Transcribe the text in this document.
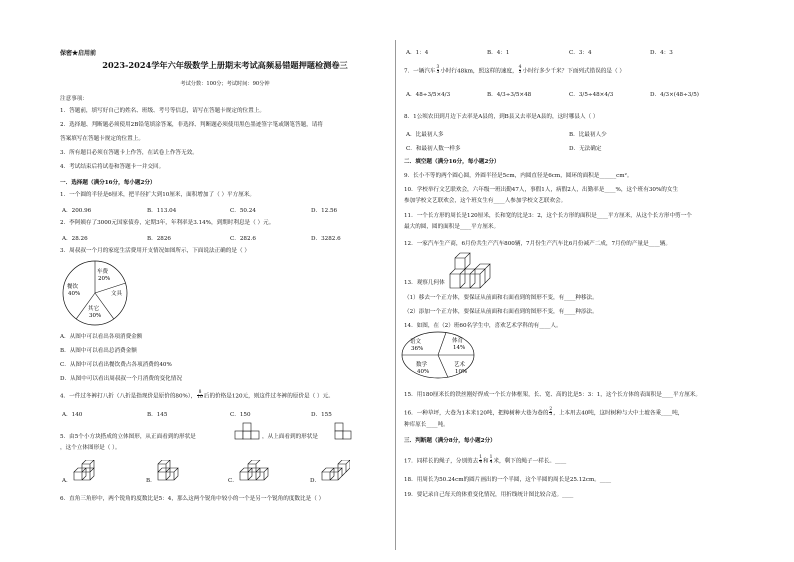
保密★启用前
2023-2024学年六年级数学上册期末考试高频易错题押题检测卷三
考试分数：100分；考试时间：90分钟
注意事项：
1．答题前，填写好自己的姓名、班级、考号等信息，请写在答题卡规定的位置上。
2．选择题、判断题必须使用2B铅笔填涂答案，非选择、判断题必须使用黑色墨迹签字笔或钢笔答题，请将
答案填写在答题卡规定的位置上。
3．所有题目必须在答题卡上作答，在试卷上作答无效。
4．考试结束后将试卷和答题卡一并交回。
一．选择题（满分16分，每小题2分）
1．一个圆的半径是6厘米，把半径扩大到10厘米，面积增加了（ ）平方厘米。
A．200.96	B．113.04	C．50.24	D．12.56
2．李阿姨存了3000元国家债券，定期3年，年利率是3.14%，到期时利息是（ ）元。
A．28.26	B．2826	C．282.6	D．3282.6
3．周叔叔一个月的家庭生活费用开支情况如图所示，下面说法正确的是（ ）
车费
20%
文具
餐饮
40%
其它
30%
A．从图中可以看出各项消费金额
B．从图中可以看出总消费金额
C．从图中可以看出餐饮费占各项消费的40%
D．从图中可以看出周叔叔一个月消费的变化情况
4．一件过冬裤打八折（八折是指现价是原价的80%）， $\frac{8}{10}$ 后的价格是120元，则这件过冬裤的原价是（ ）元。
A．140	B．145	C．150	D．155
5．由5个小方块搭成的立体图形，从正面看到的形状是	，从上面看到的形状是
，这个立体图形是（ ）。
A．	B．	C．	D．
6．直角三角形中，两个锐角的度数比是5：4，那么这两个锐角中较小的一个是另一个锐角的度数比是（ ）
A．1：4	B．4：1	C．3：4	D．4：3
7．一辆汽车 $\frac{3}{5}$ 小时行48km，照这样的速度， $\frac{4}{3}$ 小时行多少千米？下面列式错误的是（ ）
A．48÷3/5×4/3	B．4/3÷3/5×48	C．3/5÷48×4/3	D．4/3×(48÷3/5)
8．1公顷农田到月边下去率是A县的，到B县又去率是A县的，这时哪县人（ ）
A．比最初人多	B．比最初人少
C．和最初人数一样多	D．无法确定
二．填空题（满分16分，每小题2分）
9．长小不等的两个圆心圆，外圆半径是5cm，内圆直径是6cm，圆环的面积是______cm²。
10．学校举行文艺联欢会，六年级一班出勤47人，事假1人，病假2人，出勤率是____%，这个班有30%的女生
参加学校文艺联欢会，这个班女生有____人参加学校文艺联欢会。
11．一个长方形的周长是120厘米，长和宽的比是3：2，这个长方形的面积是____平方厘米，从这个长方形中剪一个
最大的圆，圆的面积是____平方厘米。
12．一家汽车生产商，6月份共生产汽车800辆，7月份生产汽车比6月份减产二成，7月份的产量是____辆。
13．观察几何体
（1）移去一个正方体，要保证从前面和右面看到的图形不变，有____种移法。
（2）添加一个正方体，要保证从前面和右面看到的图形不变，有____种添法。
14．如图，在（2）班60名学生中，喜欢艺术学科的有____人。
语文
36%
体育
14%
数学
40%
艺术
10%
15．用180厘米长的铁丝刚好焊成一个长方体框架，长、宽、高的比是5：3：1，这个长方体的表面积是____平方厘米。
16．一种草坪，大巷为1本米120吨，把樟树种大巷为巷的 $\frac{2}{5}$ ，上本用去40吨，这时树种与大中土坡各乘____吨，
种库原长____吨。
三．判断题（满分8分，每小题2分）
17．同样长的绳子，分别剪去 $\frac{1}{4}$ 和 $\frac{1}{4}$ 米，剩下的绳子一样长。____
18．用周长为50.24cm的圆片画出的一个半圆，这个半圆的周长是25.12cm。____
19．要记录自己每天的体重变化情况，用折线统计图比较合适。____
